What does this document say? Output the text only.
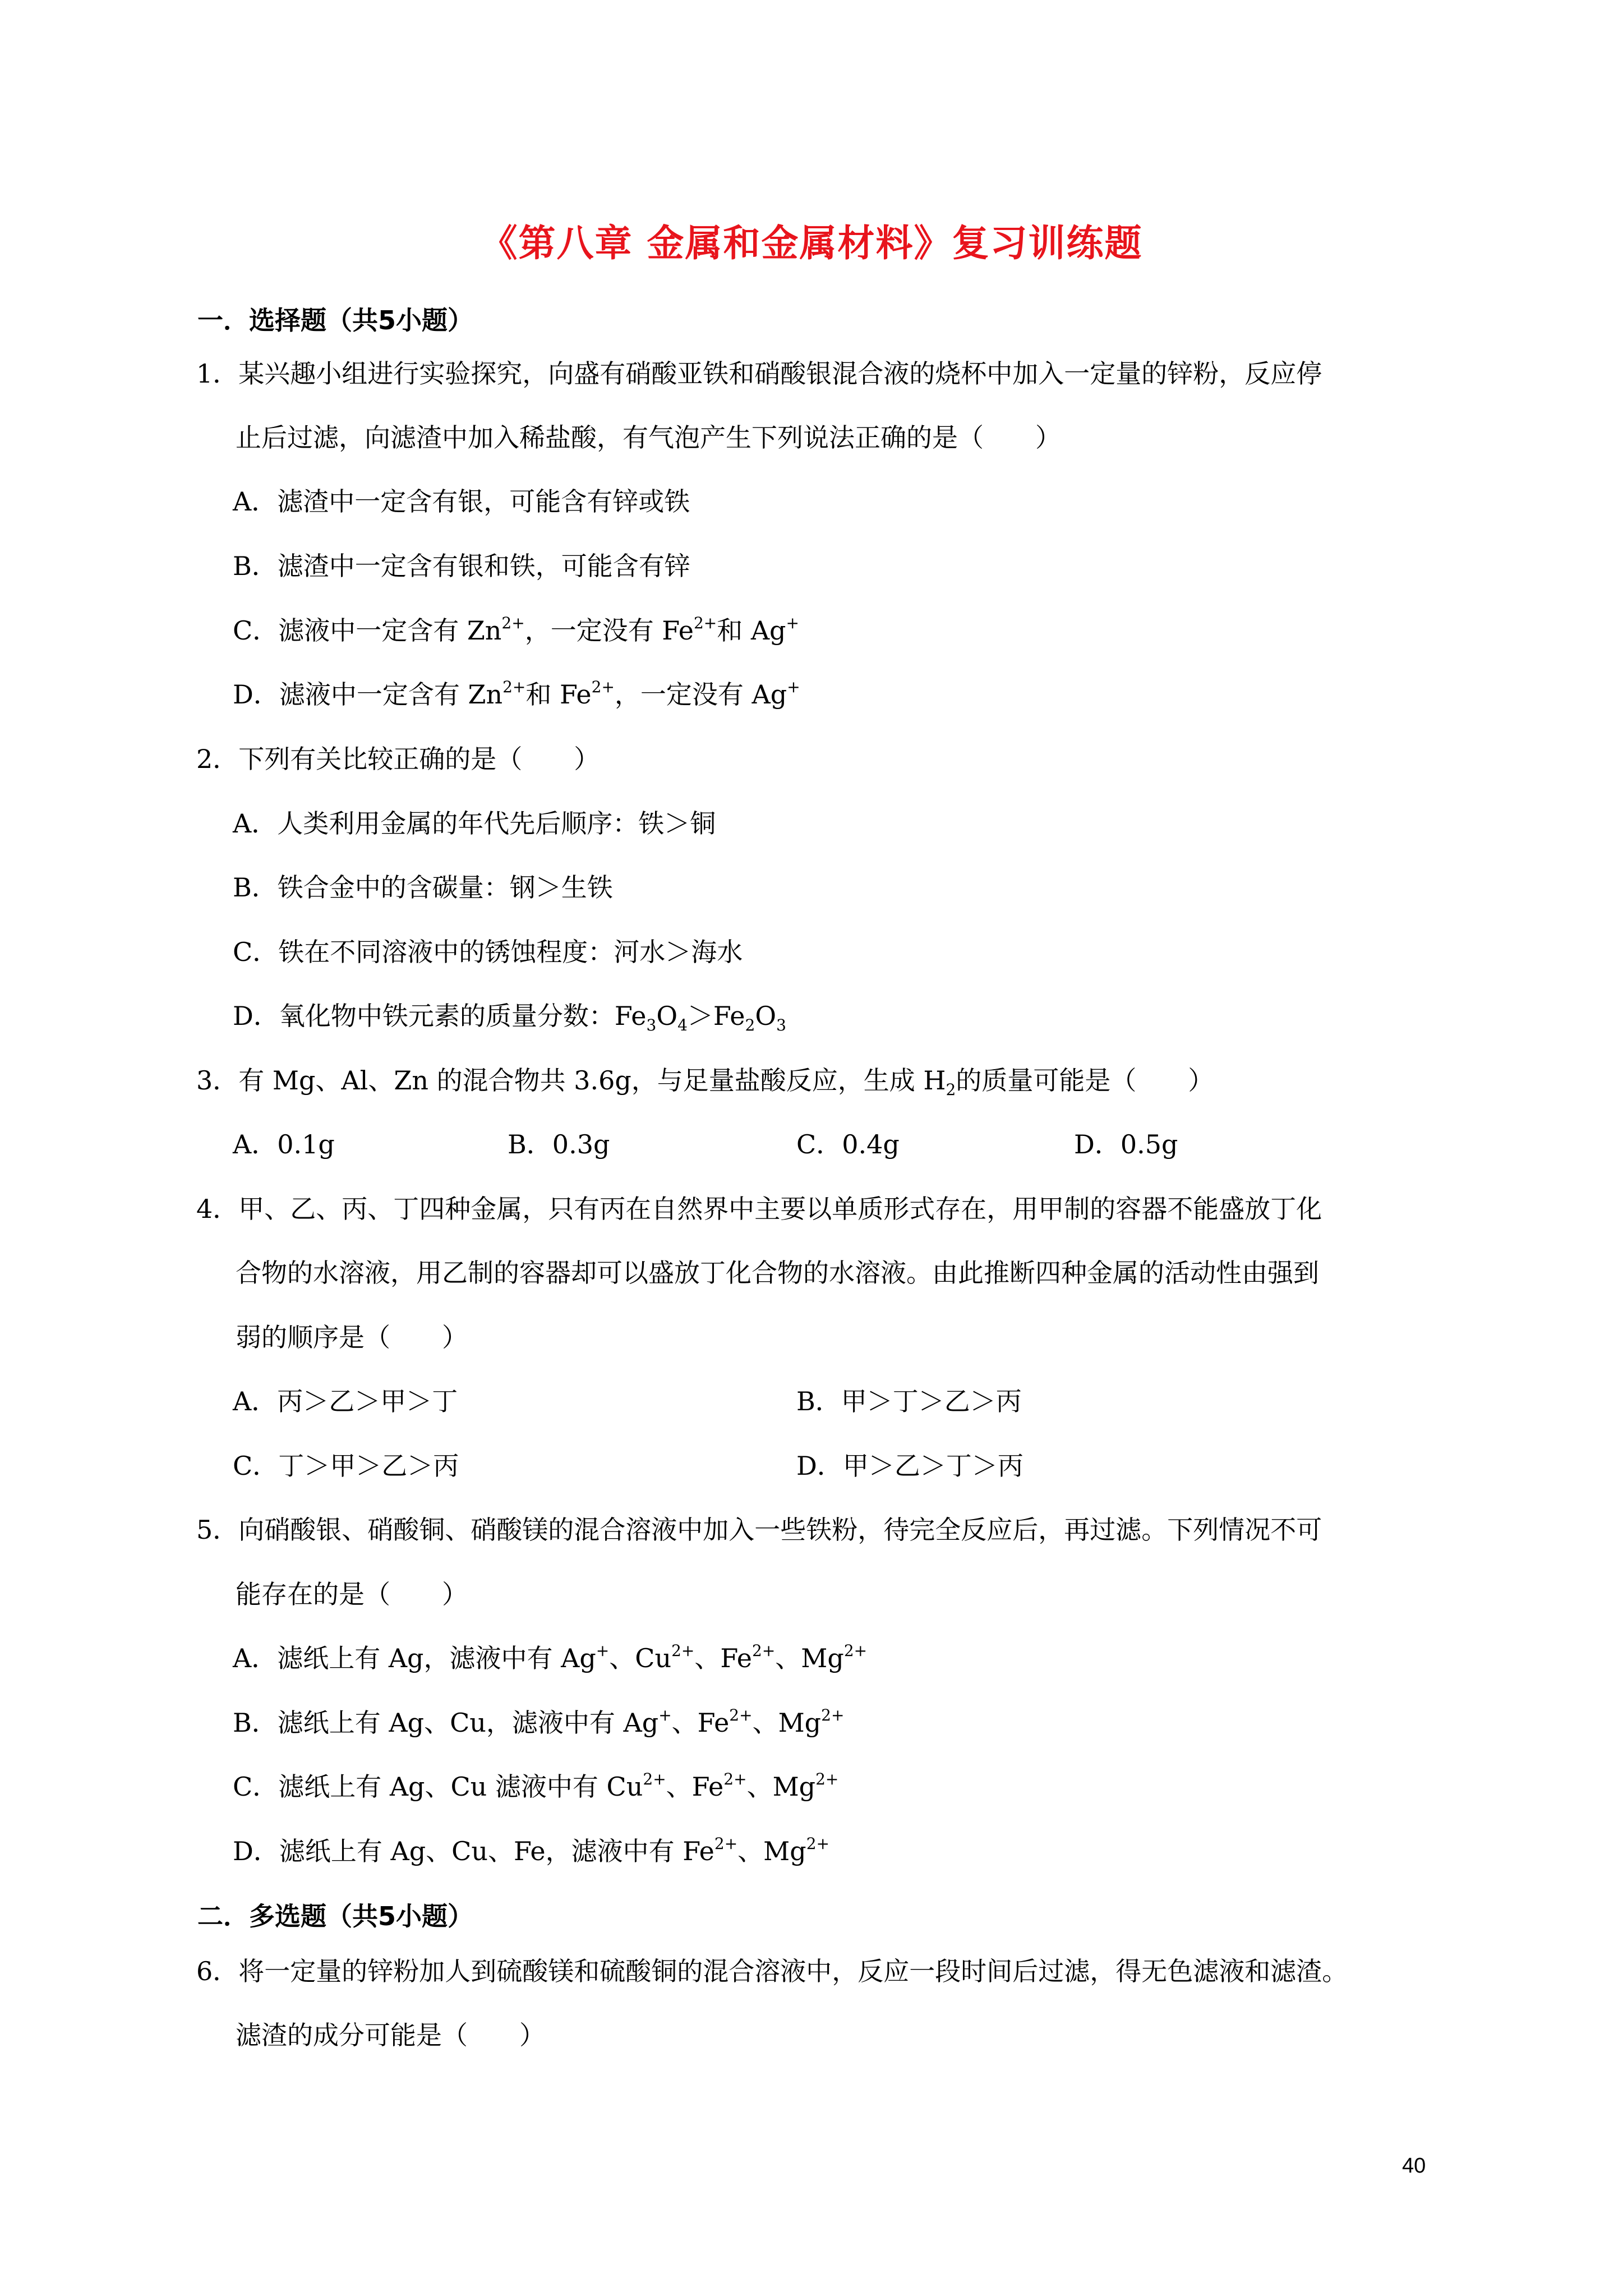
《第八章 金属和金属材料》复习训练题
一．选择题（共5小题）
1．某兴趣小组进行实验探究，向盛有硝酸亚铁和硝酸银混合液的烧杯中加入一定量的锌粉，反应停
止后过滤，向滤渣中加入稀盐酸，有气泡产生下列说法正确的是（　　）
A．滤渣中一定含有银，可能含有锌或铁
B．滤渣中一定含有银和铁，可能含有锌
C．滤液中一定含有 $Zn^{2+}$，一定没有 $Fe^{2+}$和 Ag+
D．滤液中一定含有 $Zn^{2+}$和 $Fe^{2+}$，一定没有 Ag+
2．下列有关比较正确的是（　　）
A．人类利用金属的年代先后顺序：铁＞铜
B．铁合金中的含碳量：钢＞生铁
C．铁在不同溶液中的锈蚀程度：河水＞海水
D．氧化物中铁元素的质量分数：$Fe_3O_4>Fe_2O_3$
3．有 Mg、Al、Zn 的混合物共 3.6g，与足量盐酸反应，生成 $H_2$的质量可能是（　　）
A．0.1g	B．0.3g	C．0.4g	D．0.5g
4．甲、乙、丙、丁四种金属，只有丙在自然界中主要以单质形式存在，用甲制的容器不能盛放丁化
合物的水溶液，用乙制的容器却可以盛放丁化合物的水溶液。由此推断四种金属的活动性由强到
弱的顺序是（　　）
A．丙＞乙＞甲＞丁	B．甲＞丁＞乙＞丙
C．丁＞甲＞乙＞丙	D．甲＞乙＞丁＞丙
5．向硝酸银、硝酸铜、硝酸镁的混合溶液中加入一些铁粉，待完全反应后，再过滤。下列情况不可
能存在的是（　　）
A．滤纸上有 Ag，滤液中有 Ag+、$Cu^{2+}$、$Fe^{2+}$、$Mg^{2+}$
B．滤纸上有 Ag、Cu，滤液中有 Ag+、$Fe^{2+}$、$Mg^{2+}$
C．滤纸上有 Ag、Cu 滤液中有 $Cu^{2+}$、$Fe^{2+}$、$Mg^{2+}$
D．滤纸上有 Ag、Cu、Fe，滤液中有 $Fe^{2+}$、$Mg^{2+}$
二．多选题（共5小题）
6．将一定量的锌粉加人到硫酸镁和硫酸铜的混合溶液中，反应一段时间后过滤，得无色滤液和滤渣。
滤渣的成分可能是（　　）
40
